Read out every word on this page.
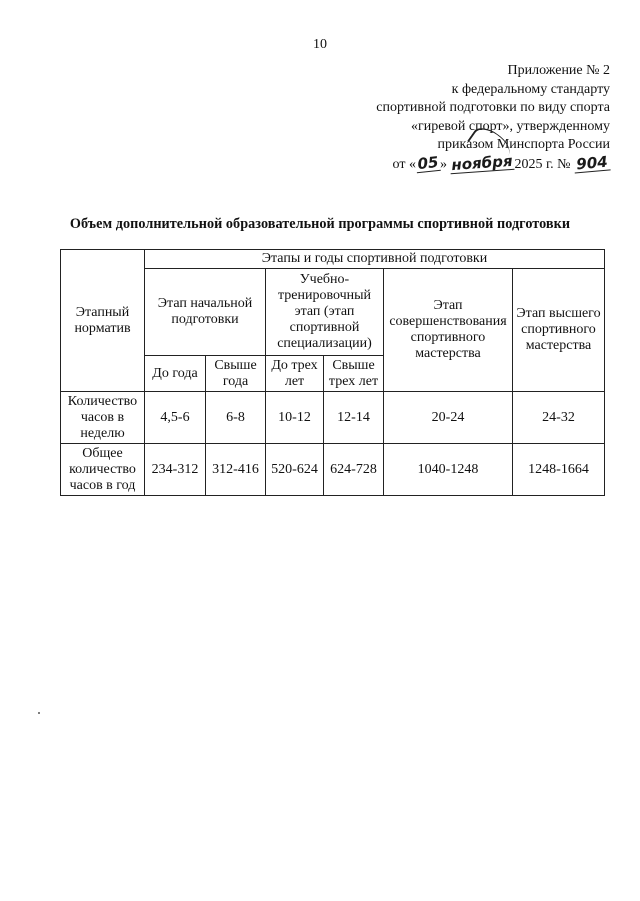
10
Приложение № 2
к федеральному стандарту
спортивной подготовки по виду спорта
«гиревой спорт», утвержденному
приказом Минспорта России
от «05» ноября2025 г. № 904
Объем дополнительной образовательной программы спортивной подготовки
Этапный норматив	Этапы и годы спортивной подготовки					
	Этап начальной подготовки		Учебно-тренировочный этап (этап спортивной специализации)		Этап совершенствования спортивного мастерства	Этап высшего спортивного мастерства
	До года	Свыше года	До трех лет	Свыше трех лет		
Количество часов в неделю	4,5-6	6-8	10-12	12-14	20-24	24-32
Общее количество часов в год	234-312	312-416	520-624	624-728	1040-1248	1248-1664
